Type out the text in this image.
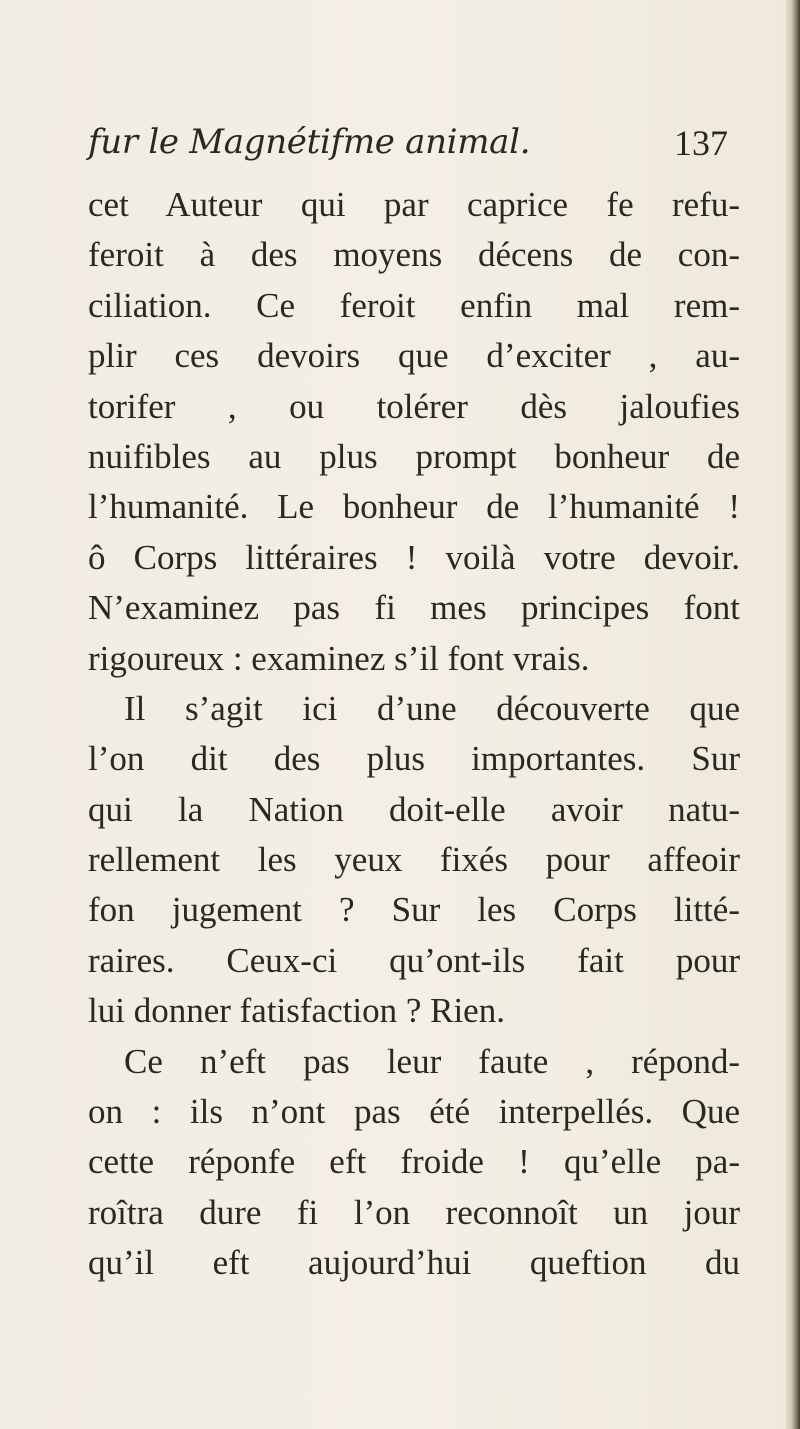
fur le Magnétifme animal.	137
cet Auteur qui par caprice fe refu-
feroit à des moyens décens de con-
ciliation. Ce feroit enfin mal rem-
plir ces devoirs que d’exciter , au-
torifer , ou tolérer dès jaloufies
nuifibles au plus prompt bonheur de
l’humanité. Le bonheur de l’humanité !
ô Corps littéraires ! voilà votre devoir.
N’examinez pas fi mes principes font
rigoureux : examinez s’il font vrais.
Il s’agit ici d’une découverte que
l’on dit des plus importantes. Sur
qui la Nation doit-elle avoir natu-
rellement les yeux fixés pour affeoir
fon jugement ? Sur les Corps litté-
raires. Ceux-ci qu’ont-ils fait pour
lui donner fatisfaction ? Rien.
Ce n’eft pas leur faute , répond-
on : ils n’ont pas été interpellés. Que
cette réponfe eft froide ! qu’elle pa-
roîtra dure fi l’on reconnoît un jour
qu’il eft aujourd’hui queftion du
